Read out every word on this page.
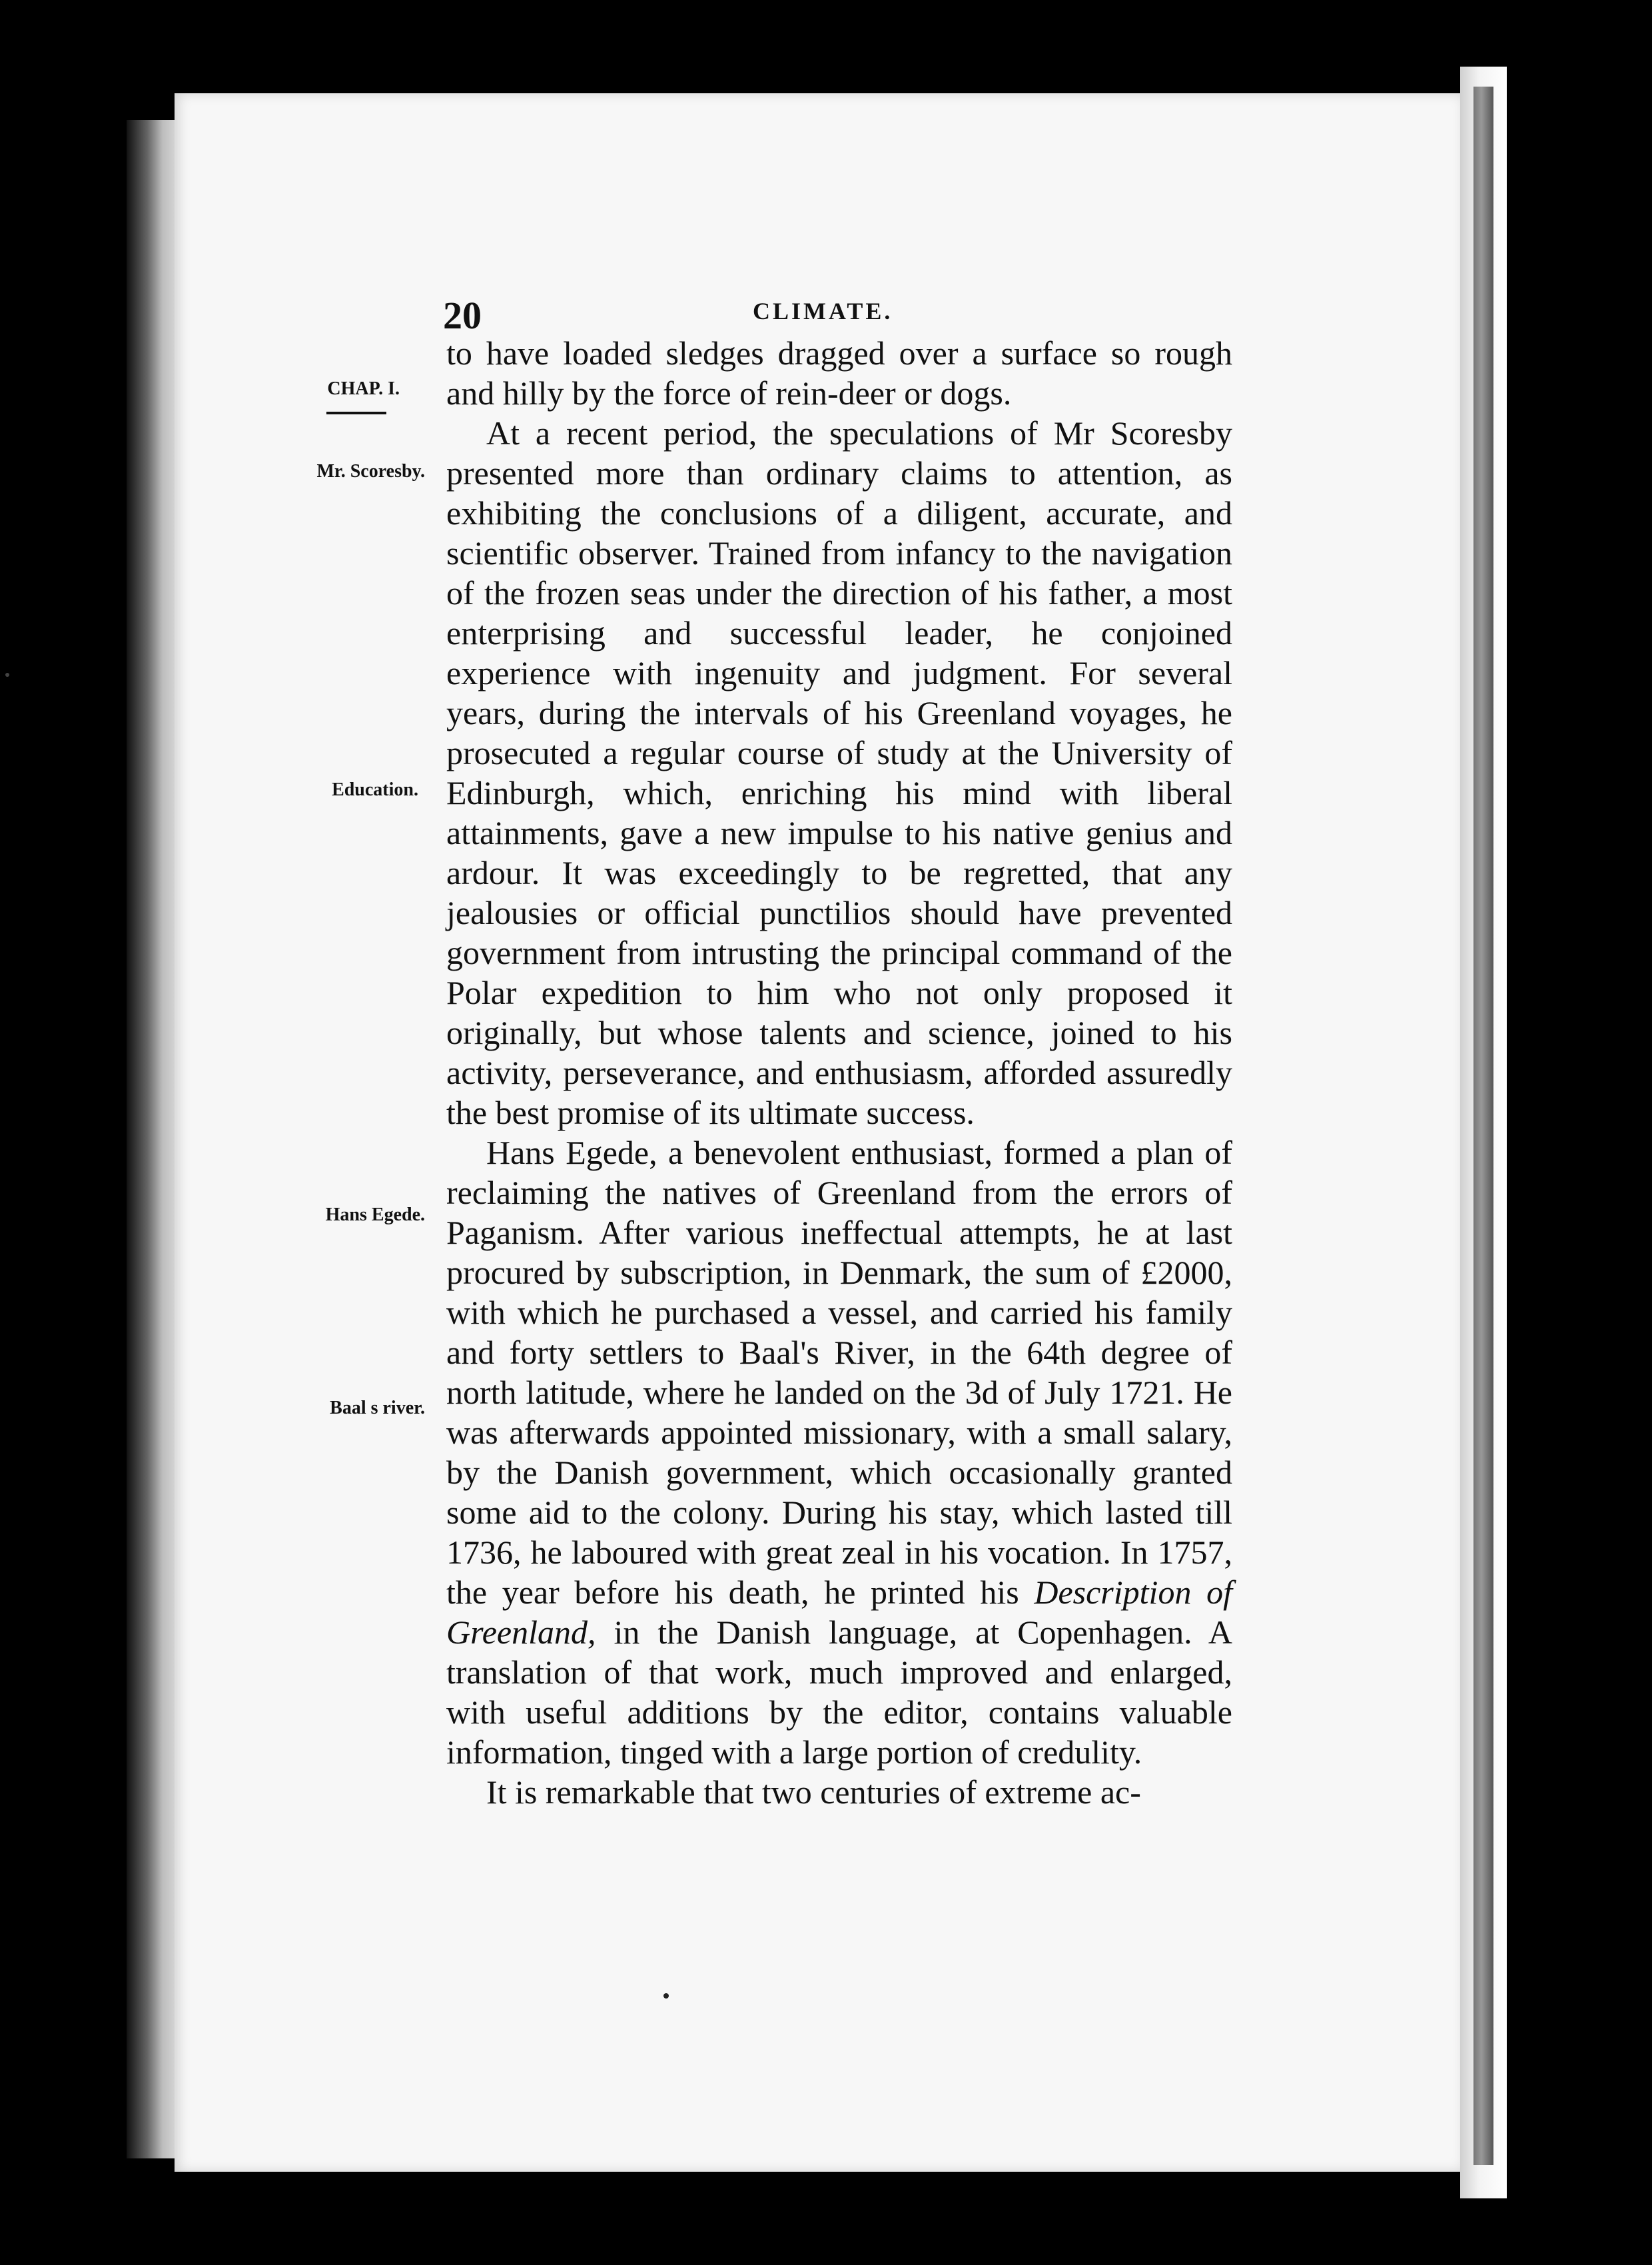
20	CLIMATE.
CHAP. I.
Mr. Scoresby.
Education.
Hans Egede.
Baal s river.

to have loaded sledges dragged over a surface so rough and hilly by the force of rein-deer or dogs.

At a recent period, the speculations of Mr Scoresby presented more than ordinary claims to attention, as exhibiting the conclusions of a diligent, accurate, and scientific observer. Trained from infancy to the navigation of the frozen seas under the direction of his father, a most enterprising and successful leader, he conjoined experience with ingenuity and judgment. For several years, during the intervals of his Greenland voyages, he prosecuted a regular course of study at the University of Edinburgh, which, enriching his mind with liberal attainments, gave a new impulse to his native genius and ardour. It was exceedingly to be regretted, that any jealousies or official punctilios should have prevented government from intrusting the principal command of the Polar expedition to him who not only proposed it originally, but whose talents and science, joined to his activity, perseverance, and enthusiasm, afforded assuredly the best promise of its ultimate success.

Hans Egede, a benevolent enthusiast, formed a plan of reclaiming the natives of Greenland from the errors of Paganism. After various ineffectual attempts, he at last procured by subscription, in Denmark, the sum of £2000, with which he purchased a vessel, and carried his family and forty settlers to Baal's River, in the 64th degree of north latitude, where he landed on the 3d of July 1721. He was afterwards appointed missionary, with a small salary, by the Danish government, which occasionally granted some aid to the colony. During his stay, which lasted till 1736, he laboured with great zeal in his vocation. In 1757, the year before his death, he printed his Description of Greenland, in the Danish language, at Copenhagen. A translation of that work, much improved and enlarged, with useful additions by the editor, contains valuable information, tinged with a large portion of credulity.

It is remarkable that two centuries of extreme ac-
